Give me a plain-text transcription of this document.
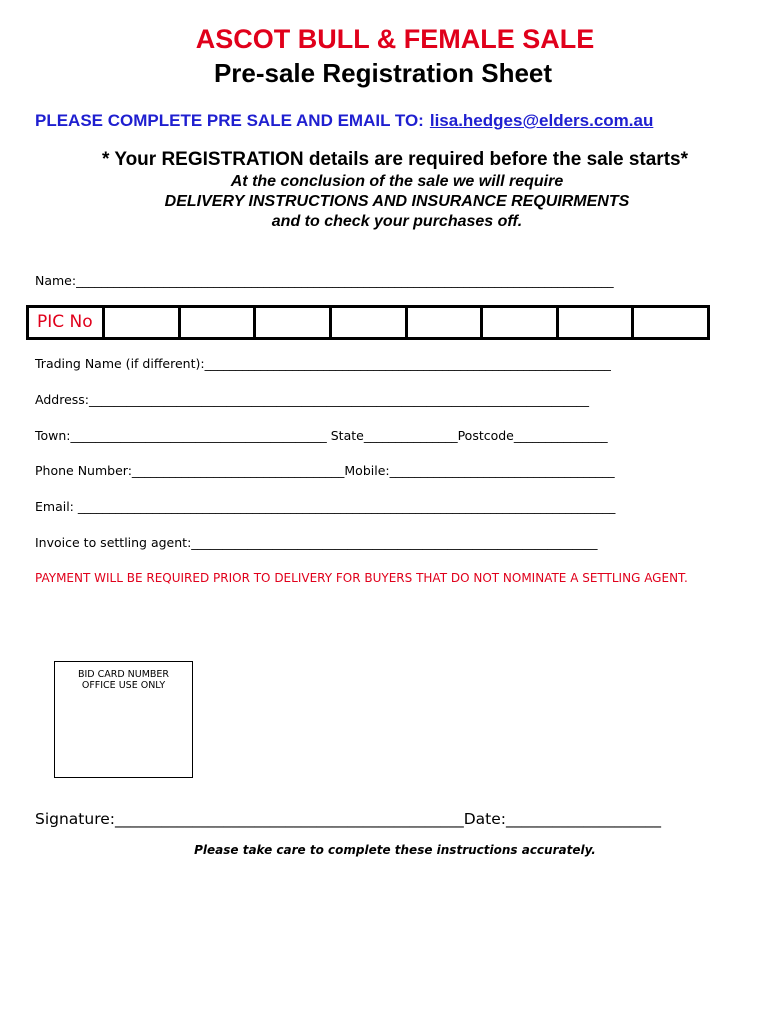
ASCOT BULL & FEMALE SALE
Pre-sale Registration Sheet
PLEASE COMPLETE PRE SALE AND EMAIL TO: lisa.hedges@elders.com.au
* Your REGISTRATION details are required before the sale starts*
At the conclusion of the sale we will require
DELIVERY INSTRUCTIONS AND INSURANCE REQUIRMENTS
and to check your purchases off.
Name:______________________________________________________________________________________
PIC No
Trading Name (if different):_________________________________________________________________
Address:________________________________________________________________________________
Town:_________________________________________ State_______________Postcode_______________
Phone Number:__________________________________Mobile:____________________________________
Email: ______________________________________________________________________________________
Invoice to settling agent:_________________________________________________________________
PAYMENT WILL BE REQUIRED PRIOR TO DELIVERY FOR BUYERS THAT DO NOT NOMINATE A SETTLING AGENT.
BID CARD NUMBER
OFFICE USE ONLY
Signature:_____________________________________________Date:____________________
Please take care to complete these instructions accurately.
